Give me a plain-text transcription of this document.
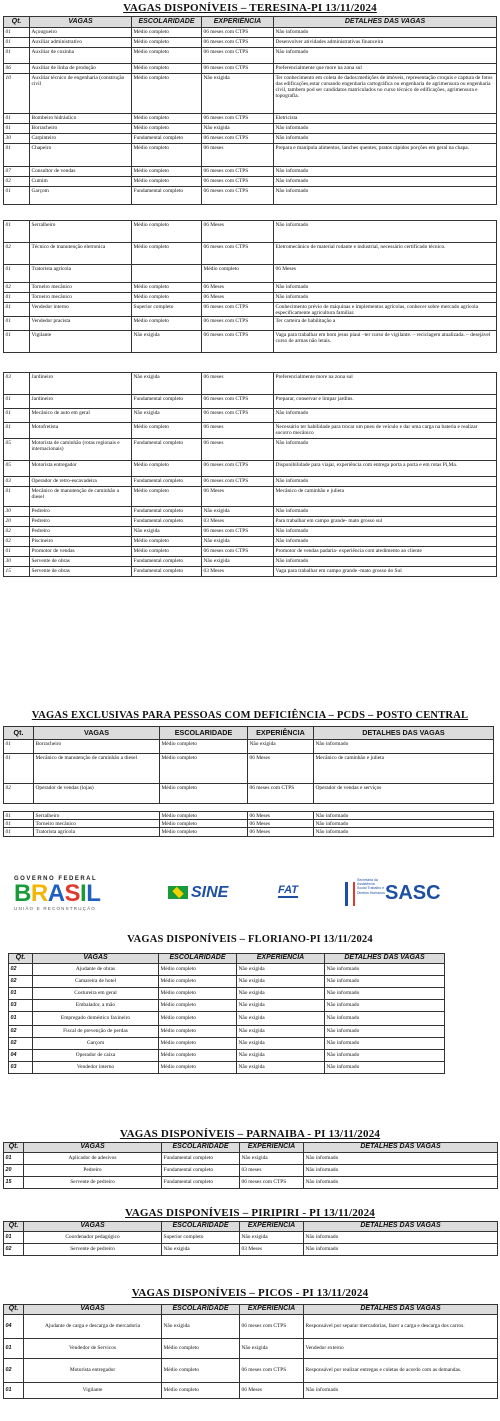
VAGAS DISPONÍVEIS – TERESINA-PI 13/11/2024
Qt.	VAGAS	ESCOLARIDADE	EXPERIÊNCIA	DETALHES DAS VAGAS
01	Açougueiro	Médio completo	06 meses com CTPS	Não informado
01	Auxiliar administrativo	Médio completo	06 meses com CTPS	Desenvolver atividades administrativas financeira
01	Auxiliar de cozinha	Médio completo	06 meses com CTPS	Não informado
06	Auxiliar de linha de produção	Médio completo	06 meses com CTPS	Preferencialmente que more na zona sul
10	Auxiliar técnico de engenharia (construção civil	Médio completo	Não exigida	Ter conhecimento em coleta de dados:medições de imóveis, representação croquis e captura de fotos das edificações,estar cursando engenharia cartográfica ou engenharia de agrimensura ou engenharia civil, tambem pod ser candidatos matriculados no curso técnico de edificações, agrimensura e topografia.
01	Bombeiro hidráulico	Médio completo	06 meses com CTPS	Eletricista
01	Borracheiro	Médio completo	Não exigida	Não informado
30	Carpinteiro	Fundamental completo	06 meses com CTPS	Não informado
01	Chapeiro	Médio completo	06 meses	Prepara e manipula alimentos, lanches quentes, pratos rápidos porções em geral na chapa.
07	Consultor de vendas	Médio completo	06 meses com CTPS	Não informado
02	Cumim	Médio completo	06 meses com CTPS	Não informado
01	Garçom	Fundamental completo	06 meses com CTPS	Não informado

01	Serralheiro	Médio completo	06 Meses	Não informado
02	Técnico de manutenção eletronica	Médio completo	06 meses com CTPS	Eletromecânico de material rodante e industrial, necessário certificado técnico.
01	Tratorista agrícola		Médio completo	06 Meses
02	Torneiro mecânico	Médio completo	06 Meses	Não informado
01	Torneiro mecânico	Médio completo	06 Meses	Não informado
01	Vendedor interno	Superior completo	06 meses com CTPS	Conhecimento prévio de máquinas e implementos agrícolas, conhecer sobre mercado agrícola especificamente agricultura familiar.
01	Vendedor pracista	Médio completo	06 meses com CTPS	Ter carteira de habilitação a
01	Vigilante	Não exigida	06 meses com CTPS	Vaga para trabalhar em bom jesus piaui –ter curso de vigilante. – reciclagem atualizada. – desejável curso de armas não letais.

03	Jardineiro	Não exigida	06 meses	Preferencialmente more na zona sul
01	Jardineiro	Fundamental completo	06 meses com CTPS	Preparar, conservar e limpar jardins.
01	Mecânico de auto em geral	Não exigida	06 meses com CTPS	Não informado
01	Motofretista	Médio completo	06 meses	Necessário ter habilidade para trocar um pneu de veículo e dar uma carga na bateria e realizar socorro mecânico
05	Motorista de caminhão (rotas regionais e internacionais)	Fundamental completo	06 meses	Não informado
05	Motorista entregador	Médio completo	06 meses com CTPS	Disponibilidade para viajar, experiência com entrega porta a porta e em rotas Pi,Ma.
03	Operador de retro-escavadeira	Fundamental completo	06 meses com CTPS	Não informado
01	Mecânico de manutenção de caminhão a diesel	Médio completo	06 Meses	Mecânico de caminhão e julieta
30	Pedreiro	Fundamental completo	Não exigida	Não informado
20	Pedreiro	Fundamental completo	03 Meses	Para trabalhar em campo grande- mato grosso sul
02	Pedreiro	Não exigida	06 meses com CTPS	Não informado
02	Piscineiro	Médio completo	Não exigida	Não informado
01	Promotor de vendas	Médio completo	06 meses com CTPS	Promotor de vendas padaria- experiência com atedimento ao cliente
30	Servente de obras	Fundamental completo	Não exigida	Não informado
15	Servente de obras	Fundamental completo	03 Meses	Vaga para trabalhar em campo grande -mato grosso do Sul
VAGAS EXCLUSIVAS PARA PESSOAS COM DEFICIÊNCIA – PCDS – POSTO CENTRAL
Qt.	VAGAS	ESCOLARIDADE	EXPERIÊNCIA	DETALHES DAS VAGAS
01	Borracheiro	Médio completo	Não exigida	Não informado
01	Mecânico de manutenção de caminhão a diesel	Médio completo	06 Meses	Mecânico de caminhão e julieta
02	Operador de vendas (lojas)	Médio completo	06 meses com CTPS	Operador de vendas e serviços

01	Serralheiro	Médio completo	06 Meses	Não informado
01	Torneiro mecânico	Médio completo	06 Meses	Não informado
01	Tratorista agrícola	Médio completo	06 Meses	Não informado
GOVERNO FEDERAL
BRASIL
UNIÃO E RECONSTRUÇÃO
SINE	FAT
Secretaria da Assistência Social Trabalho e Direitos Humanos SASC
VAGAS DISPONÍVEIS – FLORIANO-PI 13/11/2024
Qt.	VAGAS	ESCOLARIDADE	EXPERIÊNCIA	DETALHES DAS VAGAS
02	Ajudante de obras	Médio completo	Não exigida	Não informado
02	Camareira de hotel	Médio completo	Não exigida	Não informado
01	Costureira em geral	Médio completo	Não exigida	Não informado
03	Embalador, a mão	Médio completo	Não exigida	Não informado
01	Empregado doméstico faxineiro	Médio completo	Não exigida	Não informado
02	Fiscal de prevenção de perdas	Médio completo	Não exigida	Não informado
02	Garçom	Médio completo	Não exigida	Não informado
04	Operador de caixa	Médio completo	Não exigida	Não informado
03	Vendedor interno	Médio completo	Não exigida	Não informado
VAGAS DISPONÍVEIS – PARNAIBA - PI 13/11/2024
Qt.	VAGAS	ESCOLARIDADE	EXPERIÊNCIA	DETALHES DAS VAGAS
01	Aplicador de adesivos	Fundamental completo	Não exigida	Não informado
20	Pedreiro	Fundamental completo	03 meses	Não informado
15	Servente de pedreiro	Fundamental completo	06 meses com CTPS	Não informado
VAGAS DISPONÍVEIS – PIRIPIRI - PI 13/11/2024
Qt.	VAGAS	ESCOLARIDADE	EXPERIÊNCIA	DETALHES DAS VAGAS
01	Coordenador pedagógico	Superior completo	Não exigida	Não informado
02	Servente de pedreiro	Não exigida	03 Meses	Não informado
VAGAS DISPONÍVEIS – PICOS - PI 13/11/2024
Qt.	VAGAS	ESCOLARIDADE	EXPERIÊNCIA	DETALHES DAS VAGAS
04	Ajudante de carga e descarga de mercadoria	Não exigida	06 meses com CTPS	Responsável por separar mercadorias, fazer a carga e descarga dos carros.
01	Vendedor de Servicos	Médio completo	Não exigida	Vendedor externo
02	Motorista entregador	Médio completo	06 meses com CTPS	Responsável por realizar entregas e coletas de acordo com as demandas.
01	Vigilante	Médio completo	06 Meses	Não informado
